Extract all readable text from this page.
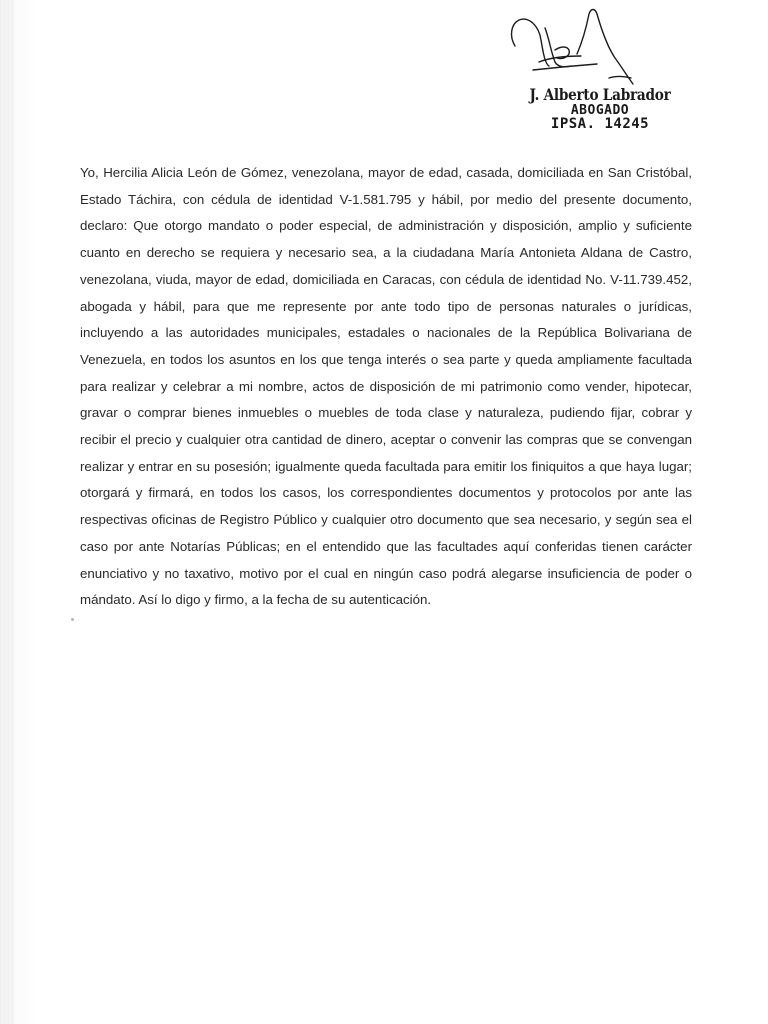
J. Alberto Labrador
ABOGADO
IPSA. 14245

Yo, Hercilia Alicia León de Gómez, venezolana, mayor de edad, casada, domiciliada en San Cristóbal, Estado Táchira, con cédula de identidad V-1.581.795 y hábil, por medio del presente documento, declaro: Que otorgo mandato o poder especial, de administración y disposición, amplio y suficiente cuanto en derecho se requiera y necesario sea, a la ciudadana María Antonieta Aldana de Castro, venezolana, viuda, mayor de edad, domiciliada en Caracas, con cédula de identidad No. V-11.739.452, abogada y hábil, para que me represente por ante todo tipo de personas naturales o jurídicas, incluyendo a las autoridades municipales, estadales o nacionales de la República Bolivariana de Venezuela, en todos los asuntos en los que tenga interés o sea parte y queda ampliamente facultada para realizar y celebrar a mi nombre, actos de disposición de mi patrimonio como vender, hipotecar, gravar o comprar bienes inmuebles o muebles de toda clase y naturaleza, pudiendo fijar, cobrar y recibir el precio y cualquier otra cantidad de dinero, aceptar o convenir las compras que se convengan realizar y entrar en su posesión; igualmente queda facultada para emitir los finiquitos a que haya lugar; otorgará y firmará, en todos los casos, los correspondientes documentos y protocolos por ante las respectivas oficinas de Registro Público y cualquier otro documento que sea necesario, y según sea el caso por ante Notarías Públicas; en el entendido que las facultades aquí conferidas tienen carácter enunciativo y no taxativo, motivo por el cual en ningún caso podrá alegarse insuficiencia de poder o mándato. Así lo digo y firmo, a la fecha de su autenticación.
